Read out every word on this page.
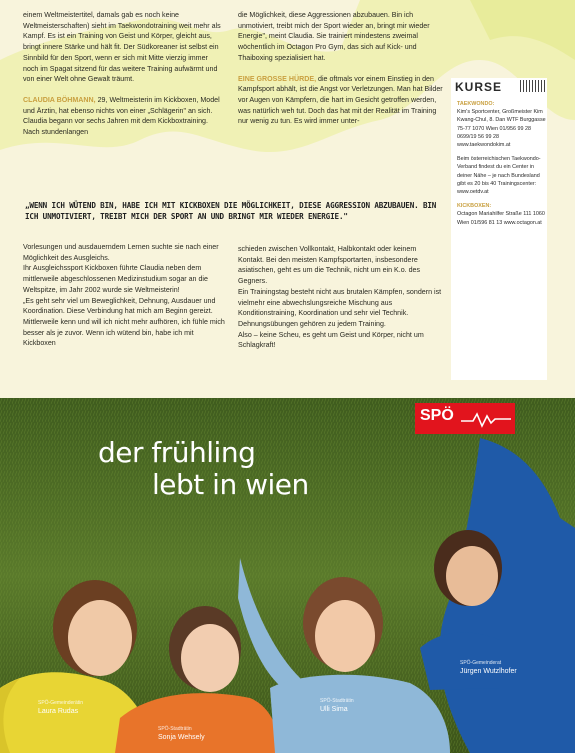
einem Weltmeistertitel, damals gab es noch keine Weltmeisterschaften) sieht im Taekwondotraining weit mehr als Kampf. Es ist ein Training von Geist und Körper, gleicht aus, bringt innere Stärke und hält fit. Der Südkoreaner ist selbst ein Sinnbild für den Sport, wenn er sich mit Mitte vierzig immer noch im Spagat sitzend für das weitere Training aufwärmt und von einer Welt ohne Gewalt träumt.

CLAUDIA BÖHMANN, 29, Weltmeisterin im Kickboxen, Model und Ärztin, hat ebenso nichts von einer „Schlägerin" an sich. Claudia begann vor sechs Jahren mit dem Kickboxtraining. Nach stundenlangen

die Möglichkeit, diese Aggressionen abzubauen. Bin ich unmotiviert, treibt mich der Sport wieder an, bringt mir wieder Energie", meint Claudia. Sie trainiert mindestens zweimal wöchentlich im Octagon Pro Gym, das sich auf Kick- und Thaiboxing spezialisiert hat.

EINE GROSSE HÜRDE, die oftmals vor einem Einstieg in den Kampfsport abhält, ist die Angst vor Verletzungen. Man hat Bilder vor Augen von Kämpfern, die hart im Gesicht getroffen werden, was natürlich weh tut. Doch das hat mit der Realität im Training nur wenig zu tun. Es wird immer unter-

„WENN ICH WÜTEND BIN, HABE ICH MIT KICKBOXEN DIE MÖGLICHKEIT, DIESE AGGRESSION ABZUBAUEN. BIN ICH UNMOTIVIERT, TREIBT MICH DER SPORT AN UND BRINGT MIR WIEDER ENERGIE."

Vorlesungen und ausdauerndem Lernen suchte sie nach einer Möglichkeit des Ausgleichs.

Ihr Ausgleichssport Kickboxen führte Claudia neben dem mittlerweile abgeschlossenen Medizinstudium sogar an die Weltspitze, im Jahr 2002 wurde sie Weltmeisterin!

„Es geht sehr viel um Beweglichkeit, Dehnung, Ausdauer und Koordination. Diese Verbindung hat mich am Beginn gereizt. Mittlerweile kenn und will ich nicht mehr aufhören, ich fühle mich besser als je zuvor. Wenn ich wütend bin, habe ich mit Kickboxen

schieden zwischen Vollkontakt, Halbkontakt oder keinem Kontakt. Bei den meisten Kampfsportarten, insbesondere asiatischen, geht es um die Technik, nicht um ein K.o. des Gegners.

Ein Trainingstag besteht nicht aus brutalen Kämpfen, sondern ist vielmehr eine abwechslungsreiche Mischung aus Konditionstraining, Koordination und sehr viel Technik. Dehnungsübungen gehören zu jedem Training.

Also – keine Scheu, es geht um Geist und Körper, nicht um Schlagkraft!

KURSE

TAEKWONDO:
Kim's Sportcenter, Großmeister Kim Kwang-Chul, 8. Dan WTF Burggasse 75-77 1070 Wien 01/956 99 28 0699/19 56 99 28 www.taekwondokim.at

Beim österreichischen Taekwondo-Verband findest du ein Center in deiner Nähe – je nach Bundesland gibt es 20 bis 40 Trainingscenter: www.oetdv.at

KICKBOXEN:
Octagon Mariahilfer Straße 111 1060 Wien 01/596 81 13 www.octagon.at

SPÖ
der frühling
lebt in wien
SPÖ-Gemeinderätin
Laura Rudas
SPÖ-Stadträtin
Sonja Wehsely
SPÖ-Stadträtin
Ulli Sima
SPÖ-Gemeinderat
Jürgen Wutzlhofer
